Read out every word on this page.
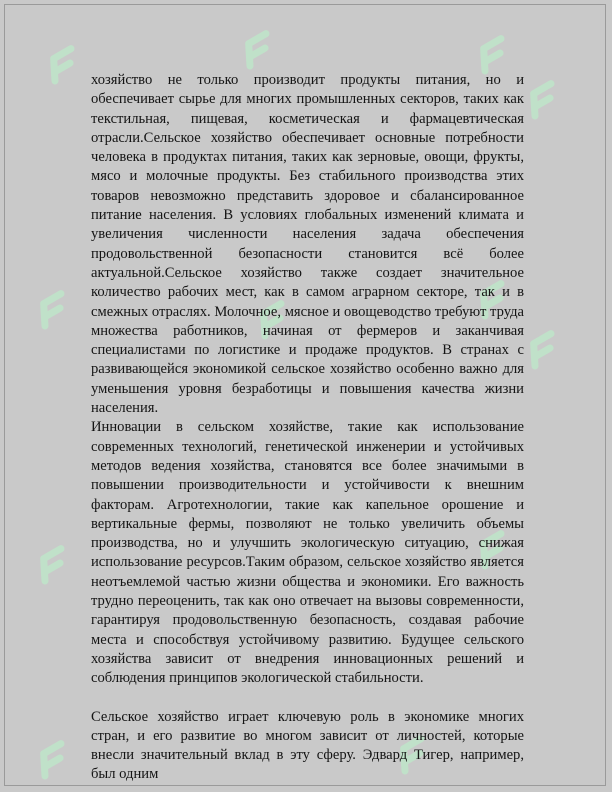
хозяйство не только производит продукты питания, но и обеспечивает сырье для многих промышленных секторов, таких как текстильная, пищевая, косметическая и фармацевтическая отрасли.Сельское хозяйство обеспечивает основные потребности человека в продуктах питания, таких как зерновые, овощи, фрукты, мясо и молочные продукты. Без стабильного производства этих товаров невозможно представить здоровое и сбалансированное питание населения. В условиях глобальных изменений климата и увеличения численности населения задача обеспечения продовольственной безопасности становится всё более актуальной.Сельское хозяйство также создает значительное количество рабочих мест, как в самом аграрном секторе, так и в смежных отраслях. Молочное, мясное и овощеводство требуют труда множества работников, начиная от фермеров и заканчивая специалистами по логистике и продаже продуктов. В странах с развивающейся экономикой сельское хозяйство особенно важно для уменьшения уровня безработицы и повышения качества жизни населения.

Инновации в сельском хозяйстве, такие как использование современных технологий, генетической инженерии и устойчивых методов ведения хозяйства, становятся все более значимыми в повышении производительности и устойчивости к внешним факторам. Агротехнологии, такие как капельное орошение и вертикальные фермы, позволяют не только увеличить объемы производства, но и улучшить экологическую ситуацию, снижая использование ресурсов.Таким образом, сельское хозяйство является неотъемлемой частью жизни общества и экономики. Его важность трудно переоценить, так как оно отвечает на вызовы современности, гарантируя продовольственную безопасность, создавая рабочие места и способствуя устойчивому развитию. Будущее сельского хозяйства зависит от внедрения инновационных решений и соблюдения принципов экологической стабильности.

Сельское хозяйство играет ключевую роль в экономике многих стран, и его развитие во многом зависит от личностей, которые внесли значительный вклад в эту сферу. Эдвард Тигер, например, был одним
